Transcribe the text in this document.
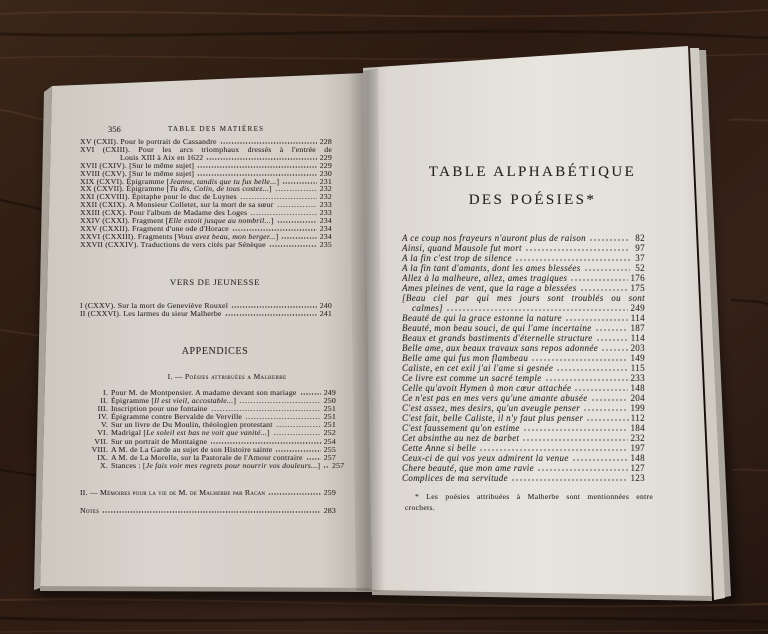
356	TABLE DES MATIÈRES
XV (CXII). Pour le portrait de Cassandre	228
XVI (CXIII). Pour les arcs triomphaux dressés à l'entrée de
Louis XIII à Aix en 1622	229
XVII (CXIV). [Sur le même sujet]	229
XVIII (CXV). [Sur le même sujet]	230
XIX (CXVI). Épigramme [Jeanne, tandis que tu fus belle...]	231
XX (CXVII). Épigramme [Tu dis, Colin, de tous costez...]	232
XXI (CXVIII). Épitaphe pour le duc de Luynes	232
XXII (CXIX). A Monsieur Colletet, sur la mort de sa sœur	233
XXIII (CXX). Pour l'album de Madame des Loges	233
XXIV (CXXI). Fragment [Elle estoit jusque au nombril...]	234
XXV (CXXII). Fragment d'une ode d'Horace	234
XXVI (CXXIII). Fragments [Vous avez beau, mon berger...]	234
XXVII (CXXIV). Traductions de vers cités par Sénèque	235
VERS DE JEUNESSE
I (CXXV). Sur la mort de Geneviève Rouxel	240
II (CXXVI). Les larmes du sieur Malherbe	241
APPENDICES
I. — Poésies attribuées a Malherbe
I. Pour M. de Montpensier. A madame devant son mariage	249
II. Épigramme [Il est vieil, accostable...]	250
III. Inscription pour une fontaine	251
IV. Épigramme contre Bervalde de Verville	251
V. Sur un livre de Du Moulin, théologien protestant	251
VI. Madrigal [Le soleil est bas ne voit que vanité...]	252
VII. Sur un portrait de Montaigne	254
VIII. A M. de La Garde au sujet de son Histoire sainte	255
IX. A M. de La Morelle, sur la Pastorale de l'Amour contraire	257
X. Stances : [Je fais voir mes regrets pour nourrir vos douleurs...] 257
II. — Mémoires pour la vie de M. de Malherbe par Racan	259
Notes	283
TABLE ALPHABÉTIQUE
DES POÉSIES*
A ce coup nos frayeurs n'auront plus de raison	82
Ainsi, quand Mausole fut mort	97
A la fin c'est trop de silence	37
A la fin tant d'amants, dont les ames blessées	52
Allez à la malheure, allez, ames tragiques	176
Ames pleines de vent, que la rage a blessées	175
[Beau ciel par qui mes jours sont troublés ou sont
calmes]	249
Beauté de qui la grace estonne la nature	114
Beauté, mon beau souci, de qui l'ame incertaine	187
Beaux et grands bastiments d'éternelle structure	114
Belle ame, aux beaux travaux sans repos adonnée	203
Belle ame qui fus mon flambeau	149
Caliste, en cet exil j'ai l'ame si gesnée	115
Ce livre est comme un sacré temple	233
Celle qu'avoit Hymen à mon cœur attachée	148
Ce n'est pas en mes vers qu'une amante abusée	204
C'est assez, mes desirs, qu'un aveugle penser	199
C'est fait, belle Caliste, il n'y faut plus penser	112
C'est faussement qu'on estime	184
Cet absinthe au nez de barbet	232
Cette Anne si belle	197
Ceux-ci de qui vos yeux admirent la venue	148
Chere beauté, que mon ame ravie	127
Complices de ma servitude	123
* Les poésies attribuées à Malherbe sont mentionnées entre
crochets.
